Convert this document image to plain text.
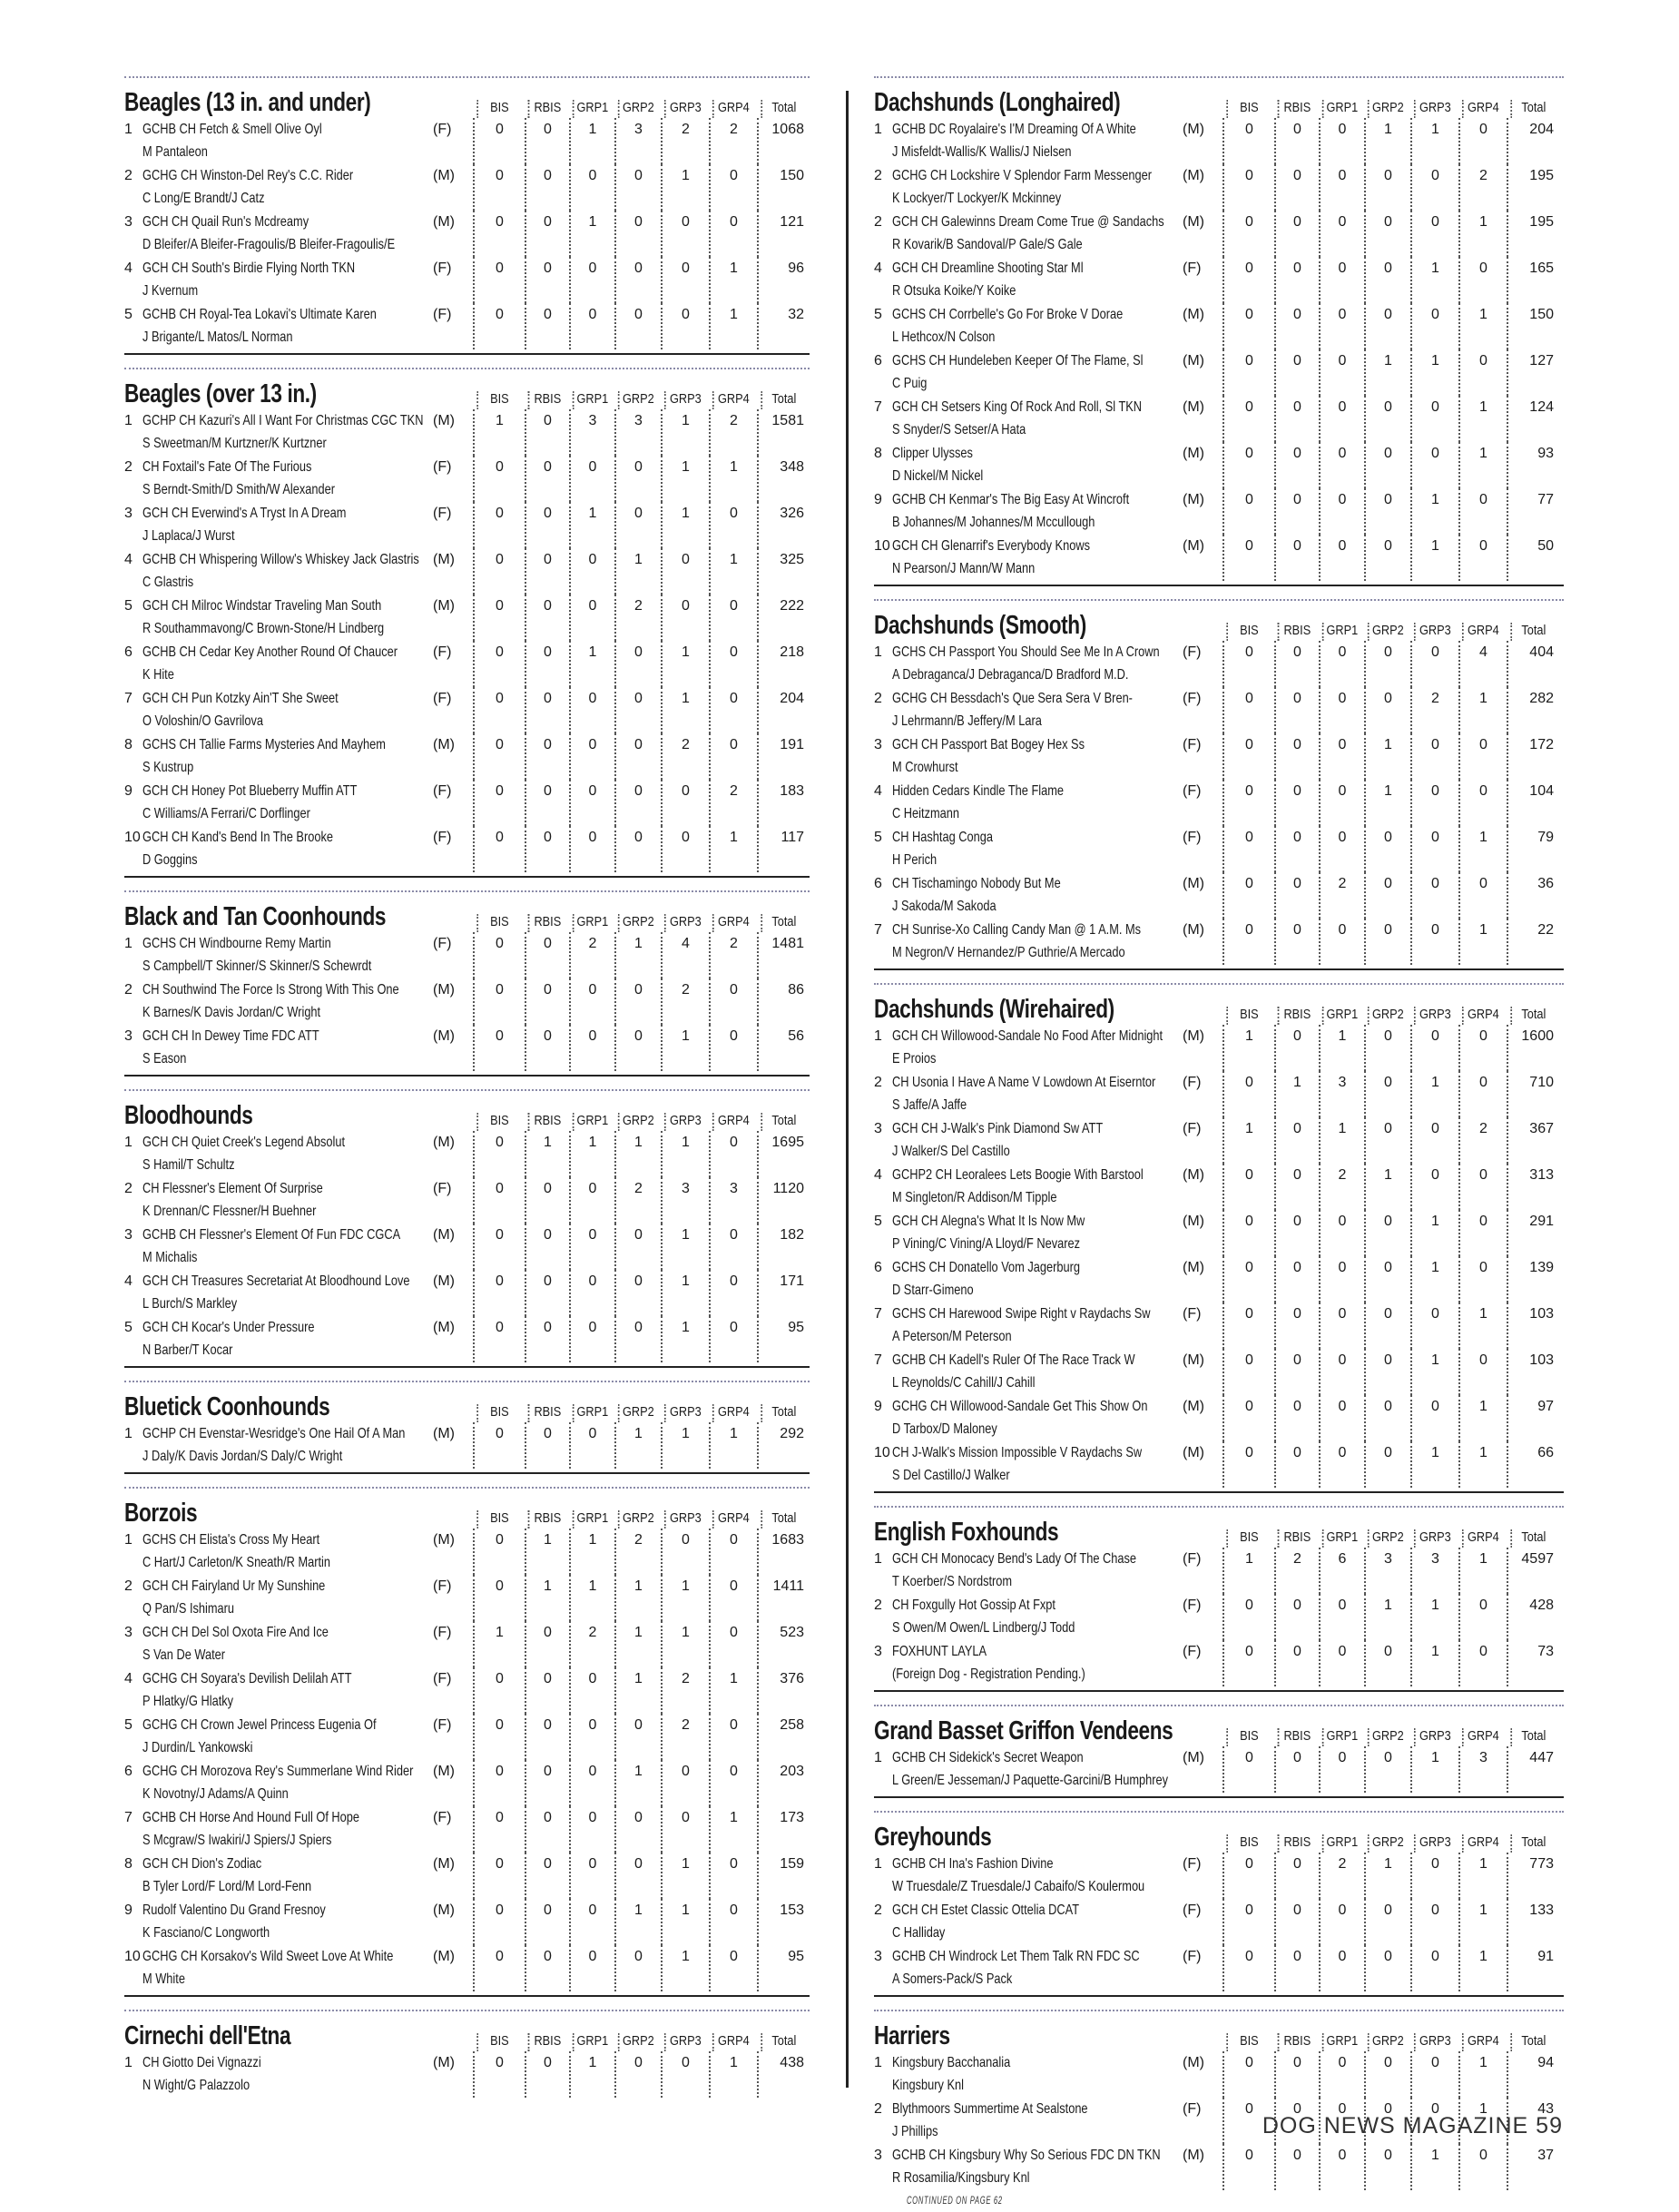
Beagles (13 in. and under)	BIS	RBIS	GRP1	GRP2	GRP3	GRP4	Total
1 GCHB CH Fetch & Smell Olive Oyl
M Pantaleon
(F)	0	0	1	3	2	2	1068
2 GCHG CH Winston-Del Rey's C.C. Rider
C Long/E Brandt/J Catz
(M)	0	0	0	0	1	0	150
3 GCH CH Quail Run's Mcdreamy
D Bleifer/A Bleifer-Fragoulis/B Bleifer-Fragoulis/E
(M)	0	0	1	0	0	0	121
4 GCH CH South's Birdie Flying North TKN
J Kvernum
(F)	0	0	0	0	0	1	96
5 GCHB CH Royal-Tea Lokavi's Ultimate Karen
J Brigante/L Matos/L Norman
(F)	0	0	0	0	0	1	32
Beagles (over 13 in.)	BIS	RBIS	GRP1	GRP2	GRP3	GRP4	Total
1 GCHP CH Kazuri's All I Want For Christmas CGC TKN
S Sweetman/M Kurtzner/K Kurtzner
(M)	1	0	3	3	1	2	1581
2 CH Foxtail's Fate Of The Furious
S Berndt-Smith/D Smith/W Alexander
(F)	0	0	0	0	1	1	348
3 GCH CH Everwind's A Tryst In A Dream
J Laplaca/J Wurst
(F)	0	0	1	0	1	0	326
4 GCHB CH Whispering Willow's Whiskey Jack Glastris
C Glastris
(M)	0	0	0	1	0	1	325
5 GCH CH Milroc Windstar Traveling Man South
R Southammavong/C Brown-Stone/H Lindberg
(M)	0	0	0	2	0	0	222
6 GCHB CH Cedar Key Another Round Of Chaucer
K Hite
(F)	0	0	1	0	1	0	218
7 GCH CH Pun Kotzky Ain'T She Sweet
O Voloshin/O Gavrilova
(F)	0	0	0	0	1	0	204
8 GCHS CH Tallie Farms Mysteries And Mayhem
S Kustrup
(M)	0	0	0	0	2	0	191
9 GCH CH Honey Pot Blueberry Muffin ATT
C Williams/A Ferrari/C Dorflinger
(F)	0	0	0	0	0	2	183
10 GCH CH Kand's Bend In The Brooke
D Goggins
(F)	0	0	0	0	0	1	117
Black and Tan Coonhounds	BIS	RBIS	GRP1	GRP2	GRP3	GRP4	Total
1 GCHS CH Windbourne Remy Martin
S Campbell/T Skinner/S Skinner/S Schewrdt
(F)	0	0	2	1	4	2	1481
2 CH Southwind The Force Is Strong With This One
K Barnes/K Davis Jordan/C Wright
(M)	0	0	0	0	2	0	86
3 GCH CH In Dewey Time FDC ATT
S Eason
(M)	0	0	0	0	1	0	56
Bloodhounds	BIS	RBIS	GRP1	GRP2	GRP3	GRP4	Total
1 GCH CH Quiet Creek's Legend Absolut
S Hamil/T Schultz
(M)	0	1	1	1	1	0	1695
2 CH Flessner's Element Of Surprise
K Drennan/C Flessner/H Buehner
(F)	0	0	0	2	3	3	1120
3 GCHB CH Flessner's Element Of Fun FDC CGCA
M Michalis
(M)	0	0	0	0	1	0	182
4 GCH CH Treasures Secretariat At Bloodhound Love
L Burch/S Markley
(M)	0	0	0	0	1	0	171
5 GCH CH Kocar's Under Pressure
N Barber/T Kocar
(M)	0	0	0	0	1	0	95
Bluetick Coonhounds	BIS	RBIS	GRP1	GRP2	GRP3	GRP4	Total
1 GCHP CH Evenstar-Wesridge's One Hail Of A Man
J Daly/K Davis Jordan/S Daly/C Wright
(M)	0	0	0	1	1	1	292
Borzois	BIS	RBIS	GRP1	GRP2	GRP3	GRP4	Total
1 GCHS CH Elista's Cross My Heart
C Hart/J Carleton/K Sneath/R Martin
(M)	0	1	1	2	0	0	1683
2 GCH CH Fairyland Ur My Sunshine
Q Pan/S Ishimaru
(F)	0	1	1	1	1	0	1411
3 GCH CH Del Sol Oxota Fire And Ice
S Van De Water
(F)	1	0	2	1	1	0	523
4 GCHG CH Soyara's Devilish Delilah ATT
P Hlatky/G Hlatky
(F)	0	0	0	1	2	1	376
5 GCHG CH Crown Jewel Princess Eugenia Of
J Durdin/L Yankowski
(F)	0	0	0	0	2	0	258
6 GCHG CH Morozova Rey's Summerlane Wind Rider
K Novotny/J Adams/A Quinn
(M)	0	0	0	1	0	0	203
7 GCHB CH Horse And Hound Full Of Hope
S Mcgraw/S Iwakiri/J Spiers/J Spiers
(F)	0	0	0	0	0	1	173
8 GCH CH Dion's Zodiac
B Tyler Lord/F Lord/M Lord-Fenn
(M)	0	0	0	0	1	0	159
9 Rudolf Valentino Du Grand Fresnoy
K Fasciano/C Longworth
(M)	0	0	0	1	1	0	153
10 GCHG CH Korsakov's Wild Sweet Love At White
M White
(M)	0	0	0	0	1	0	95
Cirnechi dell'Etna	BIS	RBIS	GRP1	GRP2	GRP3	GRP4	Total
1 CH Giotto Dei Vignazzi
N Wight/G Palazzolo
(M)	0	0	1	0	0	1	438
Dachshunds (Longhaired)	BIS	RBIS	GRP1	GRP2	GRP3	GRP4	Total
1 GCHB DC Royalaire's I'M Dreaming Of A White
J Misfeldt-Wallis/K Wallis/J Nielsen
(M)	0	0	0	1	1	0	204
2 GCHG CH Lockshire V Splendor Farm Messenger
K Lockyer/T Lockyer/K Mckinney
(M)	0	0	0	0	0	2	195
2 GCH CH Galewinns Dream Come True @ Sandachs
R Kovarik/B Sandoval/P Gale/S Gale
(M)	0	0	0	0	0	1	195
4 GCH CH Dreamline Shooting Star Ml
R Otsuka Koike/Y Koike
(F)	0	0	0	0	1	0	165
5 GCHS CH Corrbelle's Go For Broke V Dorae
L Hethcox/N Colson
(M)	0	0	0	0	0	1	150
6 GCHS CH Hundeleben Keeper Of The Flame, Sl
C Puig
(M)	0	0	0	1	1	0	127
7 GCH CH Setsers King Of Rock And Roll, Sl TKN
S Snyder/S Setser/A Hata
(M)	0	0	0	0	0	1	124
8 Clipper Ulysses
D Nickel/M Nickel
(M)	0	0	0	0	0	1	93
9 GCHB CH Kenmar's The Big Easy At Wincroft
B Johannes/M Johannes/M Mccullough
(M)	0	0	0	0	1	0	77
10 GCH CH Glenarrif's Everybody Knows
N Pearson/J Mann/W Mann
(M)	0	0	0	0	1	0	50
Dachshunds (Smooth)	BIS	RBIS	GRP1	GRP2	GRP3	GRP4	Total
1 GCHS CH Passport You Should See Me In A Crown
A Debraganca/J Debraganca/D Bradford M.D.
(F)	0	0	0	0	0	4	404
2 GCHG CH Bessdach's Que Sera Sera V Bren-
J Lehrmann/B Jeffery/M Lara
(F)	0	0	0	0	2	1	282
3 GCH CH Passport Bat Bogey Hex Ss
M Crowhurst
(F)	0	0	0	1	0	0	172
4 Hidden Cedars Kindle The Flame
C Heitzmann
(F)	0	0	0	1	0	0	104
5 CH Hashtag Conga
H Perich
(F)	0	0	0	0	0	1	79
6 CH Tischamingo Nobody But Me
J Sakoda/M Sakoda
(M)	0	0	2	0	0	0	36
7 CH Sunrise-Xo Calling Candy Man @ 1 A.M. Ms
M Negron/V Hernandez/P Guthrie/A Mercado
(M)	0	0	0	0	0	1	22
Dachshunds (Wirehaired)	BIS	RBIS	GRP1	GRP2	GRP3	GRP4	Total
1 GCH CH Willowood-Sandale No Food After Midnight
E Proios
(M)	1	0	1	0	0	0	1600
2 CH Usonia I Have A Name V Lowdown At Eiserntor
S Jaffe/A Jaffe
(F)	0	1	3	0	1	0	710
3 GCH CH J-Walk's Pink Diamond Sw ATT
J Walker/S Del Castillo
(F)	1	0	1	0	0	2	367
4 GCHP2 CH Leoralees Lets Boogie With Barstool
M Singleton/R Addison/M Tipple
(M)	0	0	2	1	0	0	313
5 GCH CH Alegna's What It Is Now Mw
P Vining/C Vining/A Lloyd/F Nevarez
(M)	0	0	0	0	1	0	291
6 GCHS CH Donatello Vom Jagerburg
D Starr-Gimeno
(M)	0	0	0	0	1	0	139
7 GCHS CH Harewood Swipe Right v Raydachs Sw
A Peterson/M Peterson
(F)	0	0	0	0	0	1	103
7 GCHB CH Kadell's Ruler Of The Race Track W
L Reynolds/C Cahill/J Cahill
(M)	0	0	0	0	1	0	103
9 GCHG CH Willowood-Sandale Get This Show On
D Tarbox/D Maloney
(M)	0	0	0	0	0	1	97
10 CH J-Walk's Mission Impossible V Raydachs Sw
S Del Castillo/J Walker
(M)	0	0	0	0	1	1	66
English Foxhounds	BIS	RBIS	GRP1	GRP2	GRP3	GRP4	Total
1 GCH CH Monocacy Bend's Lady Of The Chase
T Koerber/S Nordstrom
(F)	1	2	6	3	3	1	4597
2 CH Foxgully Hot Gossip At Fxpt
S Owen/M Owen/L Lindberg/J Todd
(F)	0	0	0	1	1	0	428
3 FOXHUNT LAYLA
(Foreign Dog - Registration Pending.)
(F)	0	0	0	0	1	0	73
Grand Basset Griffon Vendeens	BIS	RBIS	GRP1	GRP2	GRP3	GRP4	Total
1 GCHB CH Sidekick's Secret Weapon
L Green/E Jesseman/J Paquette-Garcini/B Humphrey
(M)	0	0	0	0	1	3	447
Greyhounds	BIS	RBIS	GRP1	GRP2	GRP3	GRP4	Total
1 GCHB CH Ina's Fashion Divine
W Truesdale/Z Truesdale/J Cabaifo/S Koulermou
(F)	0	0	2	1	0	1	773
2 GCH CH Estet Classic Ottelia DCAT
C Halliday
(F)	0	0	0	0	0	1	133
3 GCHB CH Windrock Let Them Talk RN FDC SC
A Somers-Pack/S Pack
(F)	0	0	0	0	0	1	91
Harriers	BIS	RBIS	GRP1	GRP2	GRP3	GRP4	Total
1 Kingsbury Bacchanalia
Kingsbury Knl
(M)	0	0	0	0	0	1	94
2 Blythmoors Summertime At Sealstone
J Phillips
(F)	0	0	0	0	0	1	43
3 GCHB CH Kingsbury Why So Serious FDC DN TKN
R Rosamilia/Kingsbury Knl
CONTINUED ON PAGE 62
(M)	0	0	0	0	1	0	37
DOG NEWS MAGAZINE 59
